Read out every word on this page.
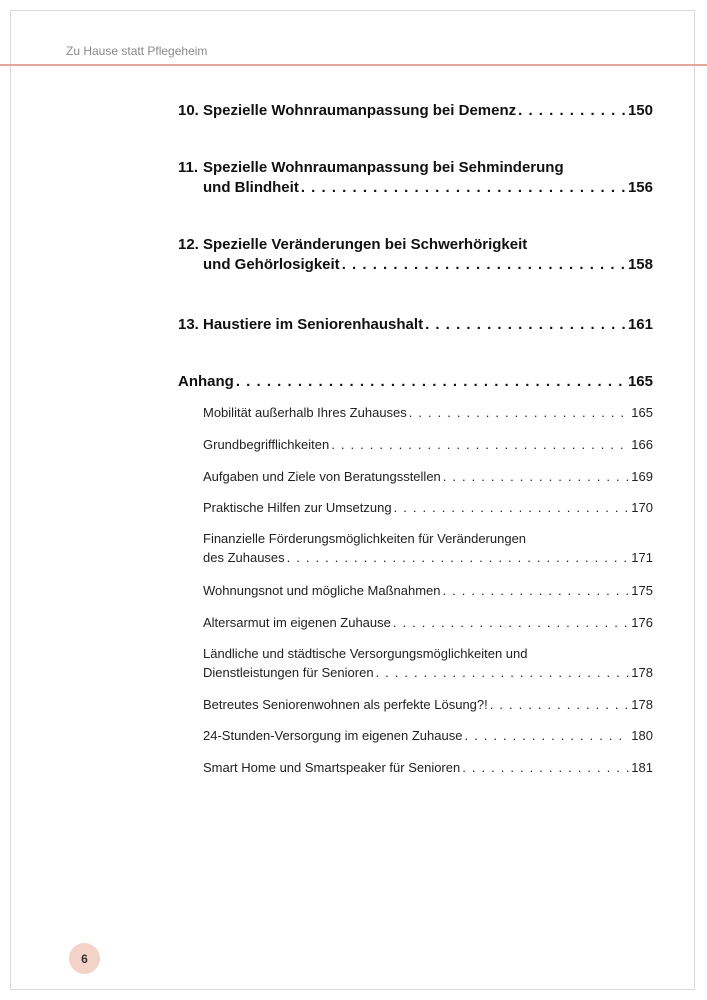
Zu Hause statt Pflegeheim
10. Spezielle Wohnraumanpassung bei Demenz . . .	150
11. Spezielle Wohnraumanpassung bei Sehminderung
und Blindheit . . .	156
12. Spezielle Veränderungen bei Schwerhörigkeit
und Gehörlosigkeit . . .	158
13. Haustiere im Seniorenhaushalt . . .	161
Anhang . . .	165
Mobilität außerhalb Ihres Zuhauses . . .	165
Grundbegrifflichkeiten . . .	166
Aufgaben und Ziele von Beratungsstellen . . .	169
Praktische Hilfen zur Umsetzung . . .	170
Finanzielle Förderungsmöglichkeiten für Veränderungen
des Zuhauses . . .	171
Wohnungsnot und mögliche Maßnahmen . . .	175
Altersarmut im eigenen Zuhause . . .	176
Ländliche und städtische Versorgungsmöglichkeiten und
Dienstleistungen für Senioren . . .	178
Betreutes Seniorenwohnen als perfekte Lösung?! . . .	178
24-Stunden-Versorgung im eigenen Zuhause . . .	180
Smart Home und Smartspeaker für Senioren . . .	181
6
